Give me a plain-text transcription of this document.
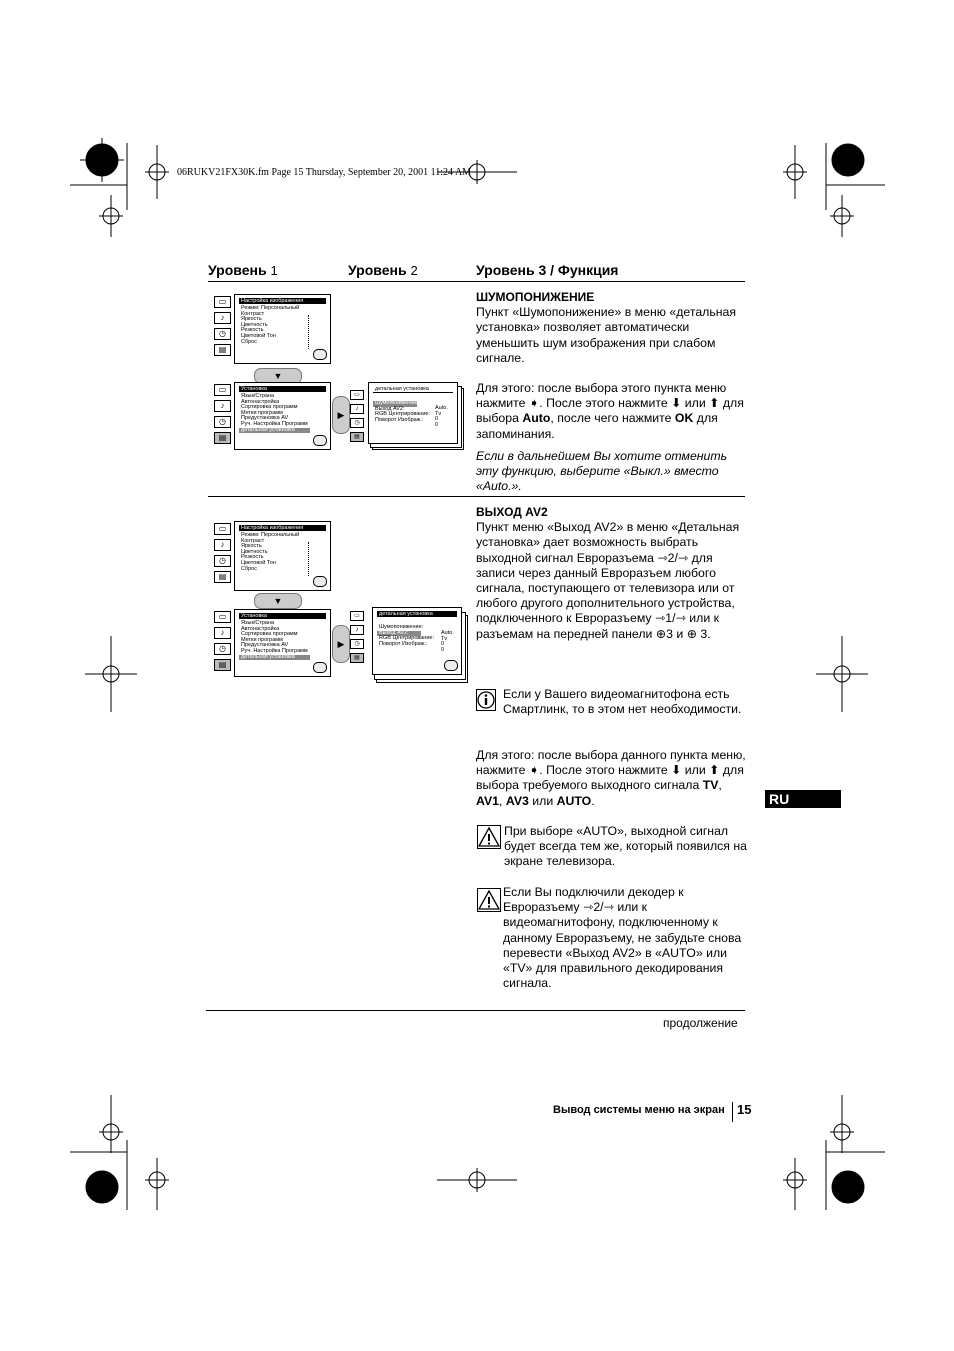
06RUKV21FX30K.fm Page 15 Thursday, September 20, 2001 11:24 AM
Уровень 1	Уровень 2	Уровень 3 / Функция
▭
♪
◷
▤
Настройка изображения
Режим: Персональный
Контраст
Яркость
Цветность
Резкость
Цветовой Тон
Сброс
▼
▭
♪
◷
▤
Установка
Язык/Страна
Автонастройка
Сортировка программ
Метки программ
Предустановка AV
Руч. Настройка Программ
детальная установка
▶
▭
♪
◷
▤
детальная установка
Шумопонижение:
Выход AV2:
RGB Центрирование:
Поворот Изображ.:
Auto.
Tv
0
0

ШУМОПОНИЖЕНИЕ

Пункт «Шумопонижение» в меню «детальная установка» позволяет автоматически уменьшить шум изображения при слабом сигнале.

Для этого: после выбора этого пункта меню нажмите ➧. После этого нажмите ⬇ или ⬆ для выбора Auto, после чего нажмите OK для запоминания.

Если в дальнейшем Вы хотите отменить эту функцию, выберите «Выкл.» вместо «Auto.».

▭
♪
◷
▤
Настройка изображения
Режим: Персональный
Контраст
Яркость
Цветность
Резкость
Цветовой Тон
Сброс
▼
▭
♪
◷
▤
Установка
Язык/Страна
Автонастройка
Сортировка программ
Метки программ
Предустановка AV
Руч. Настройка Программ
детальная установка
▶
▭
♪
◷
▤
детальная установка
Шумопонижение:
Выход AV2:
RGB Центрирование:
Поворот Изображ.:
Auto.
Tv
0
0

ВЫХОД AV2

Пункт меню «Выход AV2» в меню «Детальная установка» дает возможность выбрать выходной сигнал Евроразъема ⇾2/⇾ для записи через данный Евроразъем любого сигнала, поступающего от телевизора или от любого другого дополнительного устройства, подключенного к Евроразъему ⇾1/⇾ или к разъемам на передней панели ⊕3 и ⊕ 3.

Если у Вашего видеомагнитофона есть Смартлинк, то в этом нет необходимости.
Для этого: после выбора данного пункта меню, нажмите ➧. После этого нажмите ⬇ или ⬆ для выбора требуемого выходного сигнала TV, AV1, AV3 или AUTO.
При выборе «AUTO», выходной сигнал будет всегда тем же, который появился на экране телевизора.
Если Вы подключили декодер к Евроразъему ⇾2/⇾ или к видеомагнитофону, подключенному к данному Евроразъему, не забудьте снова перевести «Выход AV2» в «AUTO» или «TV» для правильного декодирования сигнала.
RU
продолжение
Вывод системы меню на экран 15
